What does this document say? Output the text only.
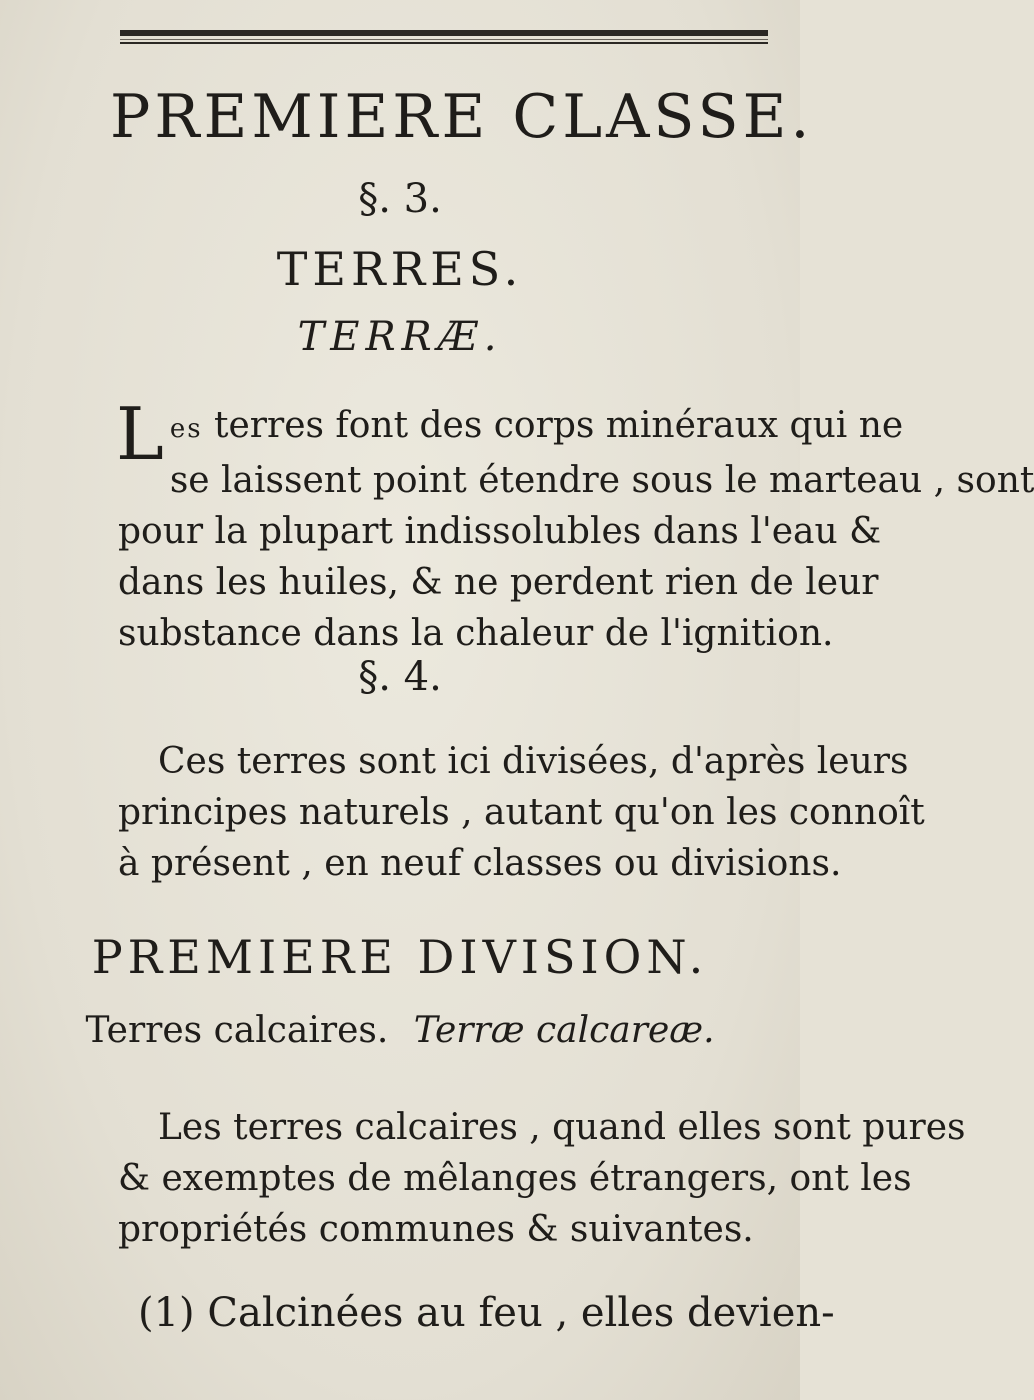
PREMIERE CLASSE.
§. 3.
TERRES.
TERRÆ.
L es terres font des corps minéraux qui ne
se laissent point étendre sous le marteau , sont
pour la plupart indissolubles dans l'eau &
dans les huiles, & ne perdent rien de leur
substance dans la chaleur de l'ignition.
§. 4.
Ces terres sont ici divisées, d'après leurs
principes naturels , autant qu'on les connoît
à présent , en neuf classes ou divisions.
PREMIERE DIVISION.
Terres calcaires. Terræ calcareæ.
Les terres calcaires , quand elles sont pures
& exemptes de mêlanges étrangers, ont les
propriétés communes & suivantes.
(1) Calcinées au feu , elles devien-
